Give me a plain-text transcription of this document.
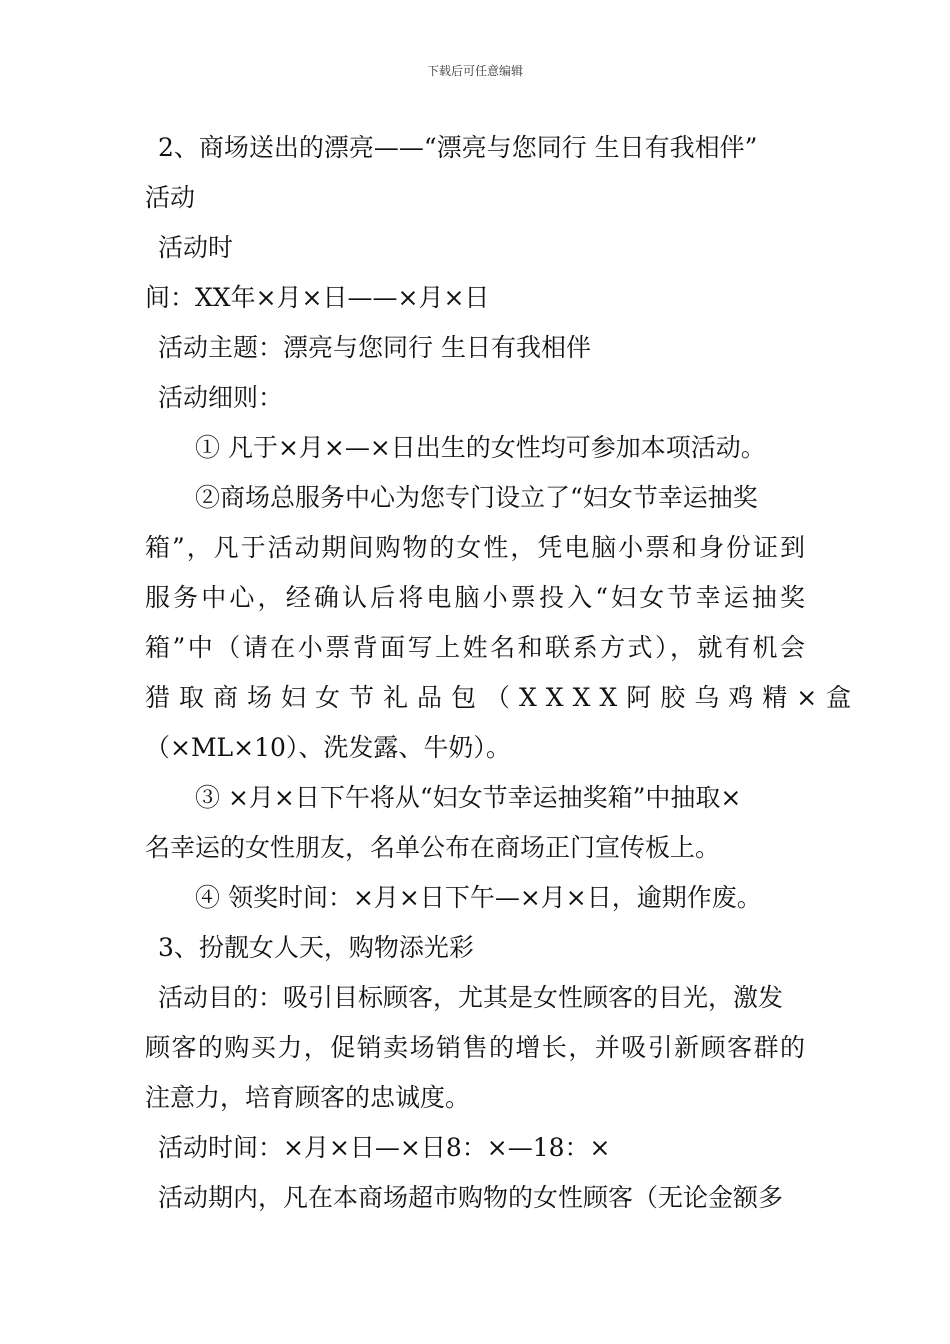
下载后可任意编辑
2、商场送出的漂亮——“漂亮与您同行 生日有我相伴”
活动
活动时
间：XX年×月×日——×月×日
活动主题：漂亮与您同行 生日有我相伴
活动细则：
① 凡于×月×—×日出生的女性均可参加本项活动。
②商场总服务中心为您专门设立了“妇女节幸运抽奖
箱”，凡于活动期间购物的女性，凭电脑小票和身份证到
服务中心，经确认后将电脑小票投入“妇女节幸运抽奖
箱”中（请在小票背面写上姓名和联系方式），就有机会
猎取商场妇女节礼品包（XXXX阿胶乌鸡精×盒
（×ML×10）、洗发露、牛奶）。
③ ×月×日下午将从“妇女节幸运抽奖箱”中抽取×
名幸运的女性朋友，名单公布在商场正门宣传板上。
④ 领奖时间：×月×日下午—×月×日，逾期作废。
3、扮靓女人天，购物添光彩
活动目的：吸引目标顾客，尤其是女性顾客的目光，激发
顾客的购买力，促销卖场销售的增长，并吸引新顾客群的
注意力，培育顾客的忠诚度。
活动时间：×月×日—×日8：×—18：×
活动期内，凡在本商场超市购物的女性顾客（无论金额多
